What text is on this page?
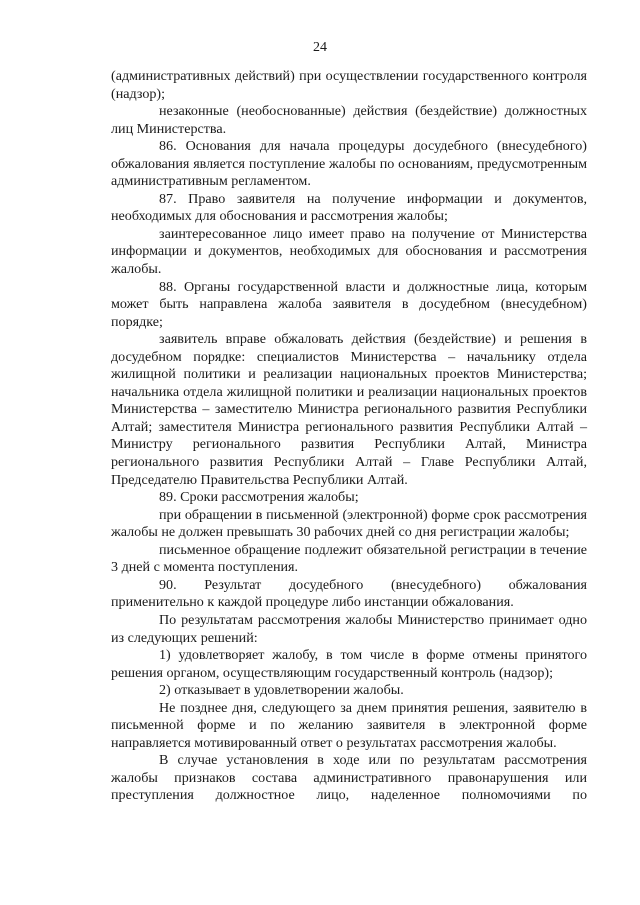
24

(административных действий) при осуществлении государственного контроля (надзор);

незаконные (необоснованные) действия (бездействие) должностных лиц Министерства.

86. Основания для начала процедуры досудебного (внесудебного) обжалования является поступление жалобы по основаниям, предусмотренным административным регламентом.

87. Право заявителя на получение информации и документов, необходимых для обоснования и рассмотрения жалобы;

заинтересованное лицо имеет право на получение от Министерства информации и документов, необходимых для обоснования и рассмотрения жалобы.

88. Органы государственной власти и должностные лица, которым может быть направлена жалоба заявителя в досудебном (внесудебном) порядке;

заявитель вправе обжаловать действия (бездействие) и решения в досудебном порядке: специалистов Министерства – начальнику отдела жилищной политики и реализации национальных проектов Министерства; начальника отдела жилищной политики и реализации национальных проектов Министерства – заместителю Министра регионального развития Республики Алтай; заместителя Министра регионального развития Республики Алтай – Министру регионального развития Республики Алтай, Министра регионального развития Республики Алтай – Главе Республики Алтай, Председателю Правительства Республики Алтай.

89. Сроки рассмотрения жалобы;

при обращении в письменной (электронной) форме срок рассмотрения жалобы не должен превышать 30 рабочих дней со дня регистрации жалобы;

письменное обращение подлежит обязательной регистрации в течение 3 дней с момента поступления.

90. Результат досудебного (внесудебного) обжалования применительно к каждой процедуре либо инстанции обжалования.

По результатам рассмотрения жалобы Министерство принимает одно из следующих решений:

1) удовлетворяет жалобу, в том числе в форме отмены принятого решения органом, осуществляющим государственный контроль (надзор);

2) отказывает в удовлетворении жалобы.

Не позднее дня, следующего за днем принятия решения, заявителю в письменной форме и по желанию заявителя в электронной форме направляется мотивированный ответ о результатах рассмотрения жалобы.

В случае установления в ходе или по результатам рассмотрения жалобы признаков состава административного правонарушения или преступления должностное лицо, наделенное полномочиями по
